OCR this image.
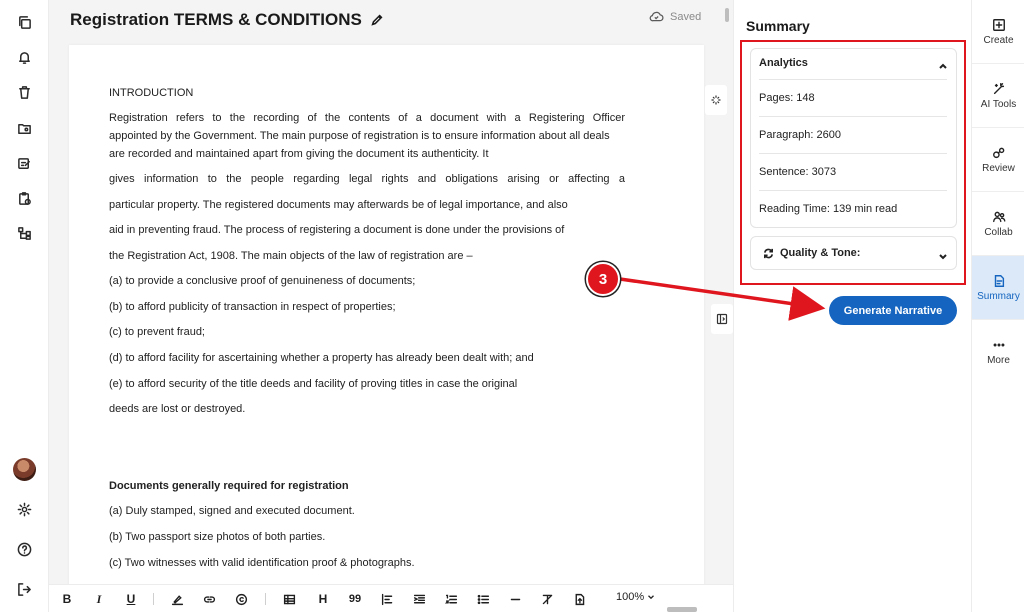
Registration TERMS & CONDITIONS	Saved
INTRODUCTION
Registration refers to the recording of the contents of a document with a Registering Officer
appointed by the Government. The main purpose of registration is to ensure information about all deals
are recorded and maintained apart from giving the document its authenticity. It
gives information to the people regarding legal rights and obligations arising or affecting a
particular property. The registered documents may afterwards be of legal importance, and also
aid in preventing fraud. The process of registering a document is done under the provisions of
the Registration Act, 1908. The main objects of the law of registration are –
(a) to provide a conclusive proof of genuineness of documents;
(b) to afford publicity of transaction in respect of properties;
(c) to prevent fraud;
(d) to afford facility for ascertaining whether a property has already been dealt with; and
(e) to afford security of the title deeds and facility of proving titles in case the original
deeds are lost or destroyed.
Documents generally required for registration
(a) Duly stamped, signed and executed document.
(b) Two passport size photos of both parties.
(c) Two witnesses with valid identification proof & photographs.
B	I	U	H	99	100%
Summary
Analytics
Pages: 148
Paragraph: 2600
Sentence: 3073
Reading Time: 139 min read
Quality & Tone:
Generate Narrative
Create
AI Tools
Review
Collab
Summary
More
3
